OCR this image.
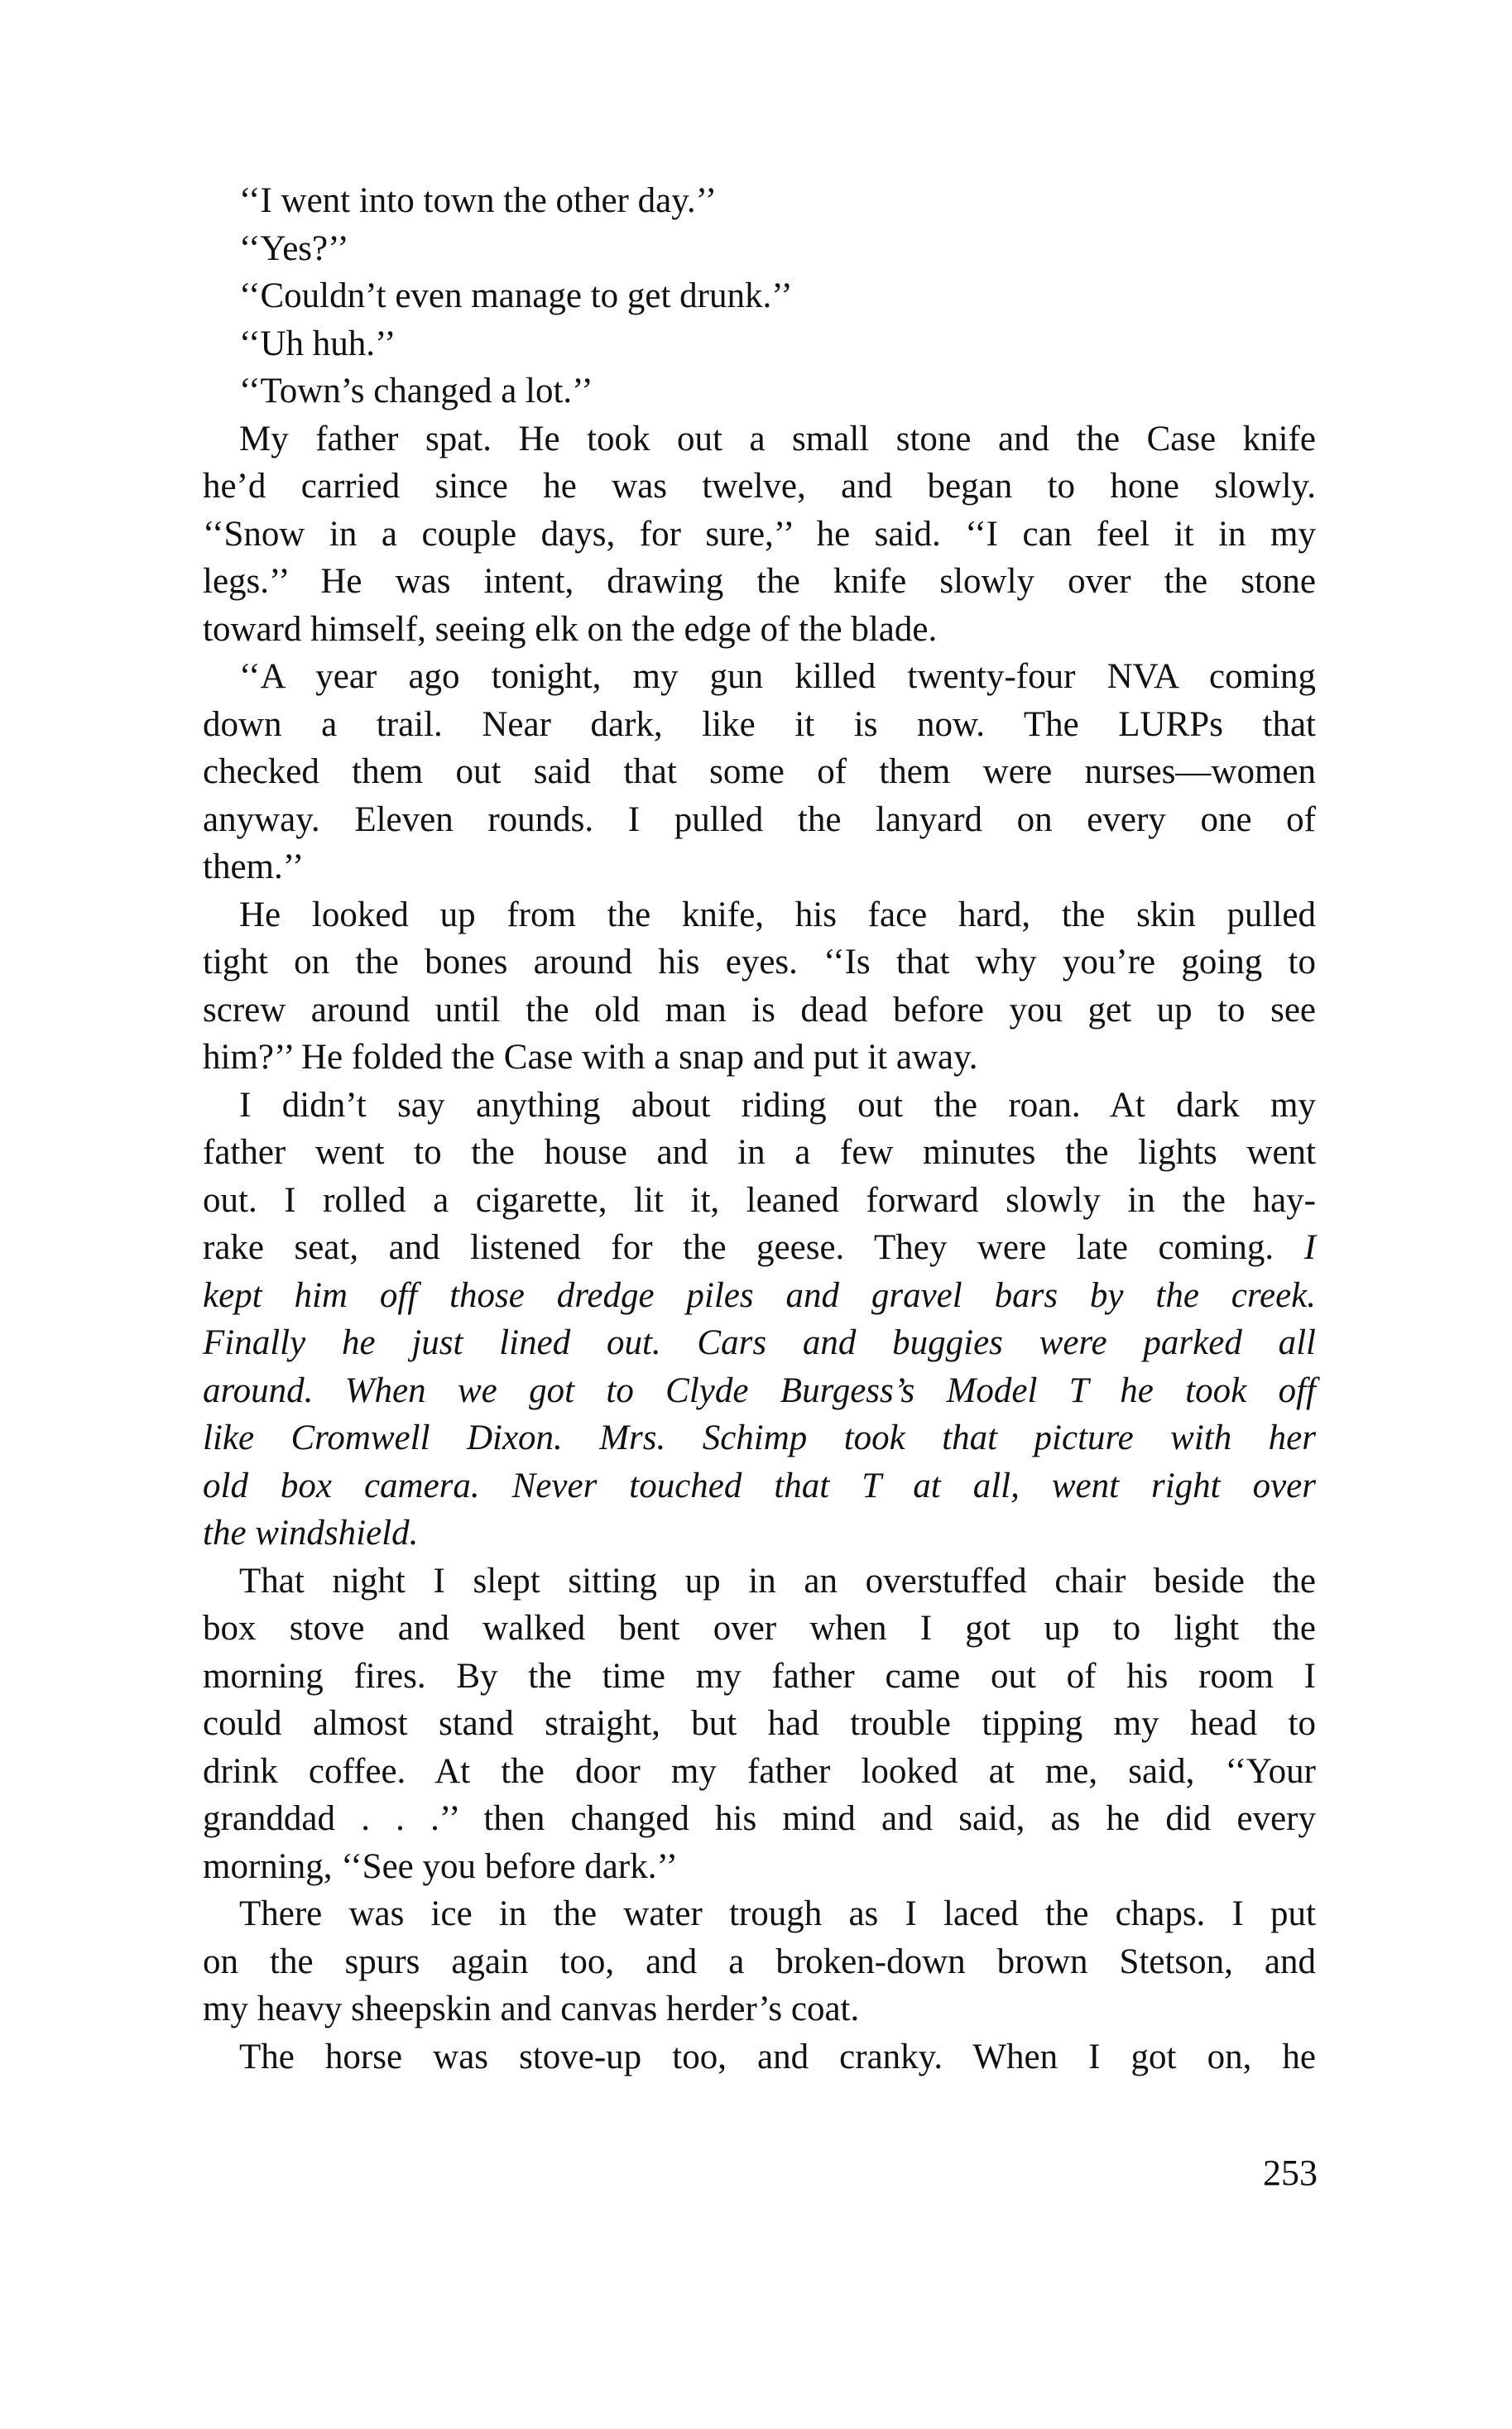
‘‘I went into town the other day.’’
‘‘Yes?’’
‘‘Couldn’t even manage to get drunk.’’
‘‘Uh huh.’’
‘‘Town’s changed a lot.’’
My father spat. He took out a small stone and the Case knife
he’d carried since he was twelve, and began to hone slowly.
‘‘Snow in a couple days, for sure,’’ he said. ‘‘I can feel it in my
legs.’’ He was intent, drawing the knife slowly over the stone
toward himself, seeing elk on the edge of the blade.
‘‘A year ago tonight, my gun killed twenty-four NVA coming
down a trail. Near dark, like it is now. The LURPs that
checked them out said that some of them were nurses—women
anyway. Eleven rounds. I pulled the lanyard on every one of
them.’’
He looked up from the knife, his face hard, the skin pulled
tight on the bones around his eyes. ‘‘Is that why you’re going to
screw around until the old man is dead before you get up to see
him?’’ He folded the Case with a snap and put it away.
I didn’t say anything about riding out the roan. At dark my
father went to the house and in a few minutes the lights went
out. I rolled a cigarette, lit it, leaned forward slowly in the hay-
rake seat, and listened for the geese. They were late coming. I
kept him off those dredge piles and gravel bars by the creek.
Finally he just lined out. Cars and buggies were parked all
around. When we got to Clyde Burgess’s Model T he took off
like Cromwell Dixon. Mrs. Schimp took that picture with her
old box camera. Never touched that T at all, went right over
the windshield.
That night I slept sitting up in an overstuffed chair beside the
box stove and walked bent over when I got up to light the
morning fires. By the time my father came out of his room I
could almost stand straight, but had trouble tipping my head to
drink coffee. At the door my father looked at me, said, ‘‘Your
granddad . . .’’ then changed his mind and said, as he did every
morning, ‘‘See you before dark.’’
There was ice in the water trough as I laced the chaps. I put
on the spurs again too, and a broken-down brown Stetson, and
my heavy sheepskin and canvas herder’s coat.
The horse was stove-up too, and cranky. When I got on, he
253
